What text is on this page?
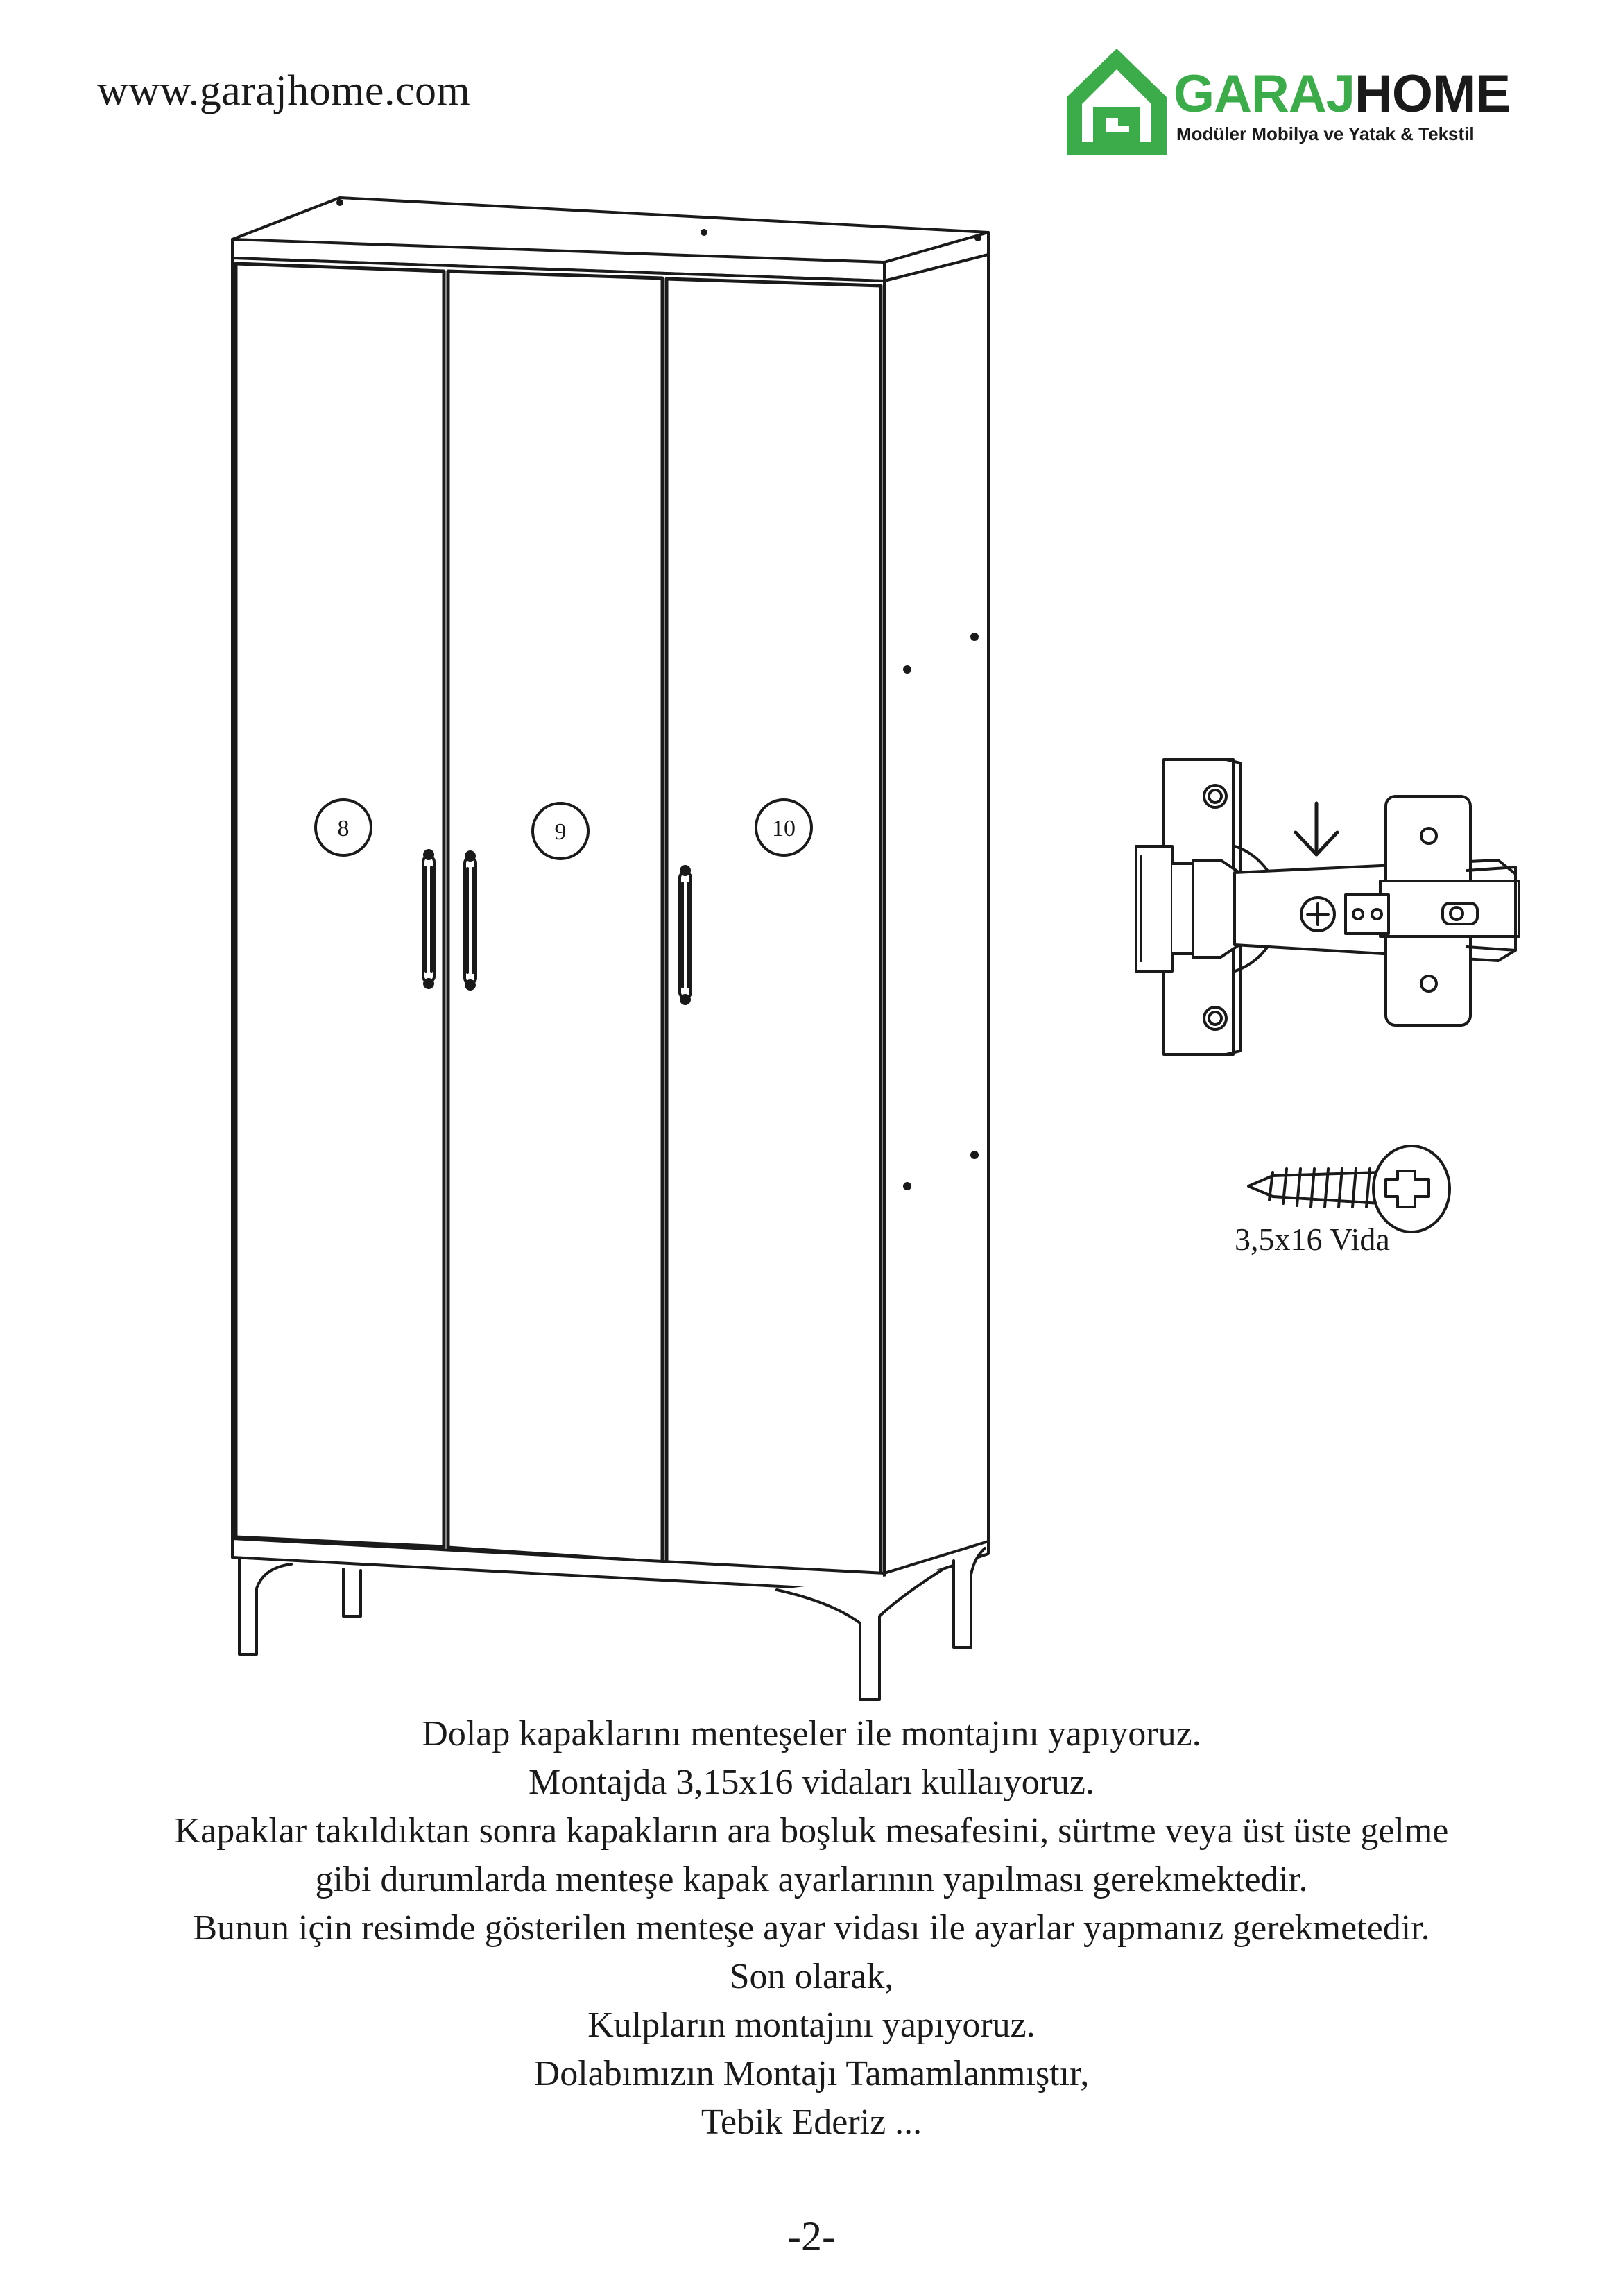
www.garajhome.com	GARAJHOME
Modüler Mobilya ve Yatak & Tekstil
8	9	10
3,5x16 Vida
Dolap kapaklarını menteşeler ile montajını yapıyoruz.
Montajda 3,15x16 vidaları kullaıyoruz.
Kapaklar takıldıktan sonra kapakların ara boşluk mesafesini, sürtme veya üst üste gelme
gibi durumlarda menteşe kapak ayarlarının yapılması gerekmektedir.
Bunun için resimde gösterilen menteşe ayar vidası ile ayarlar yapmanız gerekmetedir.
Son olarak,
Kulpların montajını yapıyoruz.
Dolabımızın Montajı Tamamlanmıştır,
Tebik Ederiz ...
-2-
